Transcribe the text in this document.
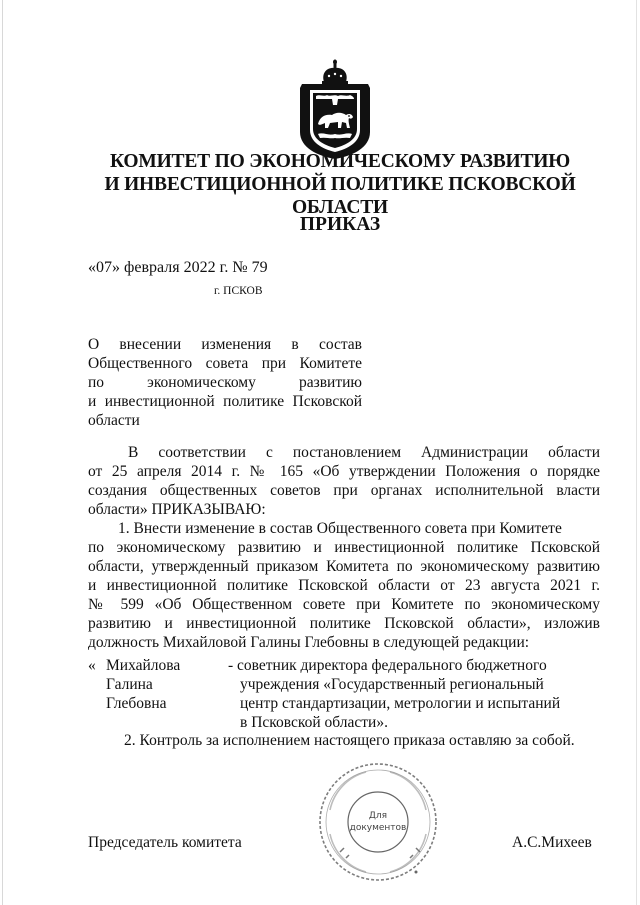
КОМИТЕТ ПО ЭКОНОМИЧЕСКОМУ РАЗВИТИЮ
И ИНВЕСТИЦИОННОЙ ПОЛИТИКЕ ПСКОВСКОЙ ОБЛАСТИ
ПРИКАЗ
«07» февраля 2022 г. № 79
г. ПСКОВ
О внесении изменения в состав
Общественного совета при Комитете
по экономическому развитию
и инвестиционной политике Псковской
области
В соответствии с постановлением Администрации области
от 25 апреля 2014 г. № 165 «Об утверждении Положения о порядке
создания общественных советов при органах исполнительной власти
области» ПРИКАЗЫВАЮ:
1. Внести изменение в состав Общественного совета при Комитете
по экономическому развитию и инвестиционной политике Псковской
области, утвержденный приказом Комитета по экономическому развитию
и инвестиционной политике Псковской области от 23 августа 2021 г.
№ 599 «Об Общественном совете при Комитете по экономическому
развитию и инвестиционной политике Псковской области», изложив
должность Михайловой Галины Глебовны в следующей редакции:
« Михайлова
Галина
Глебовна
- советник директора федерального бюджетного
учреждения «Государственный региональный
центр стандартизации, метрологии и испытаний
в Псковской области».
2. Контроль за исполнением настоящего приказа оставляю за собой.
Председатель комитета	А.С.Михеев
Для
документов
